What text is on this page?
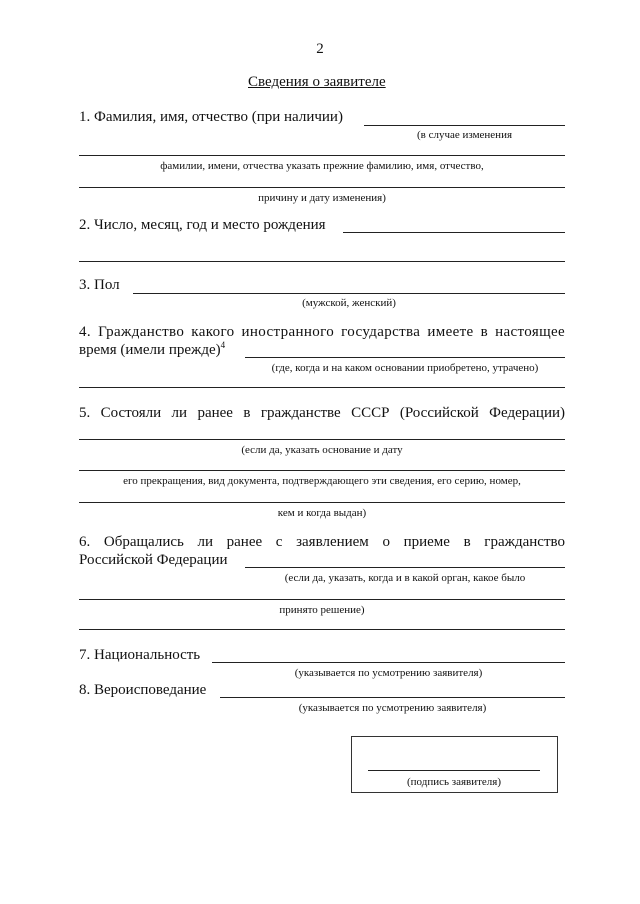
2
Сведения о заявителе
1. Фамилия, имя, отчество (при наличии)
(в случае изменения
фамилии, имени, отчества указать прежние фамилию, имя, отчество,
причину и дату изменения)
2. Число, месяц, год и место рождения
3. Пол
(мужской, женский)
4. Гражданство какого иностранного государства имеете в настоящее
время (имели прежде)$^4$
(где, когда и на каком основании приобретено, утрачено)
5. Состояли ли ранее в гражданстве СССР (Российской Федерации)
(если да, указать основание и дату
его прекращения, вид документа, подтверждающего эти сведения, его серию, номер,
кем и когда выдан)
6. Обращались ли ранее с заявлением о приеме в гражданство
Российской Федерации
(если да, указать, когда и в какой орган, какое было
принято решение)
7. Национальность
(указывается по усмотрению заявителя)
8. Вероисповедание
(указывается по усмотрению заявителя)
(подпись заявителя)
